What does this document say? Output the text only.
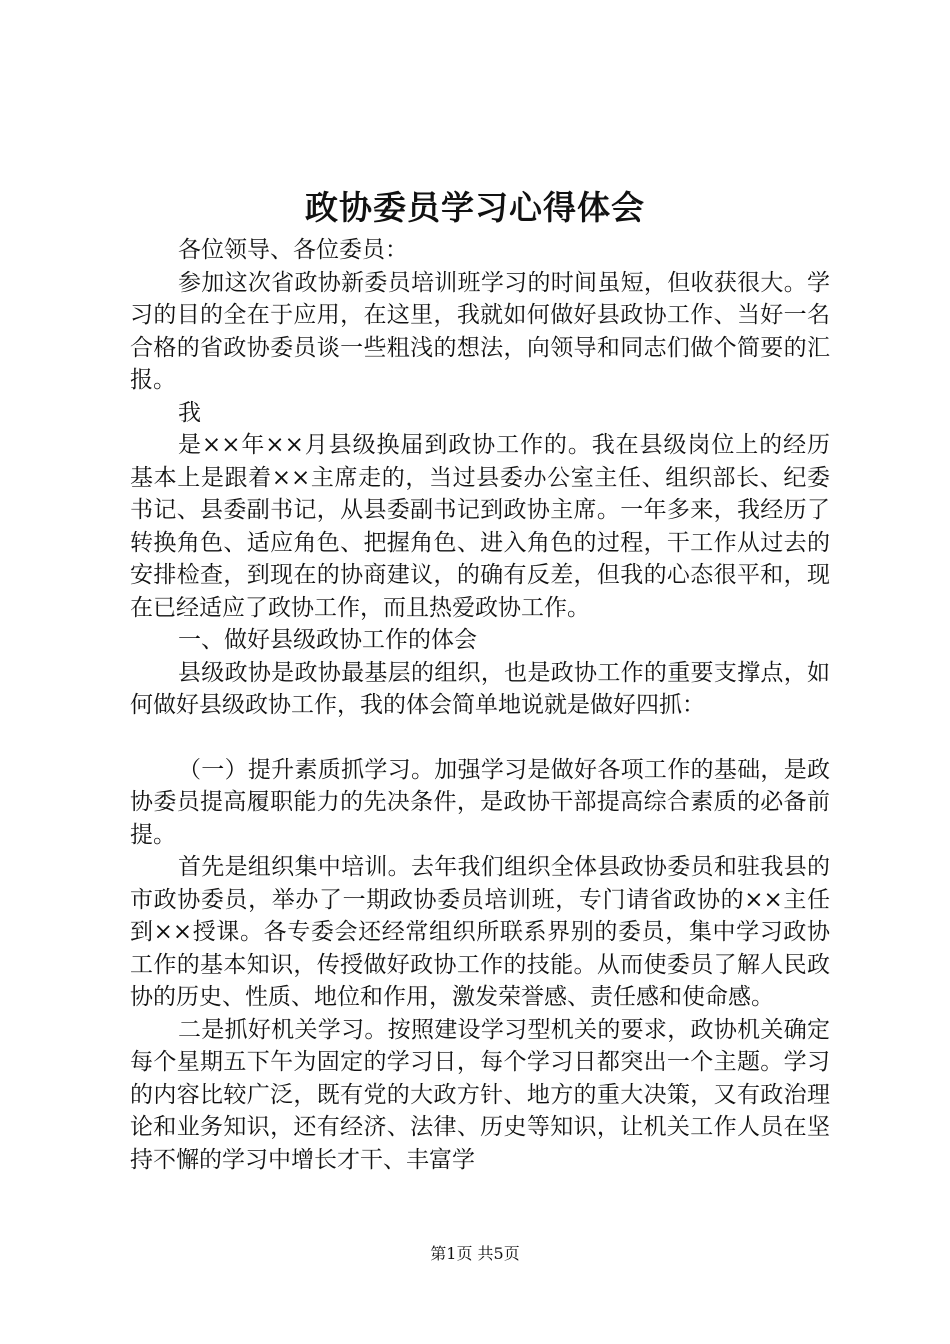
政协委员学习心得体会

各位领导、各位委员：

参加这次省政协新委员培训班学习的时间虽短，但收获很大。学习的目的全在于应用，在这里，我就如何做好县政协工作、当好一名合格的省政协委员谈一些粗浅的想法，向领导和同志们做个简要的汇报。

我

是××年××月县级换届到政协工作的。我在县级岗位上的经历基本上是跟着××主席走的，当过县委办公室主任、组织部长、纪委书记、县委副书记，从县委副书记到政协主席。一年多来，我经历了转换角色、适应角色、把握角色、进入角色的过程，干工作从过去的安排检查，到现在的协商建议，的确有反差，但我的心态很平和，现在已经适应了政协工作，而且热爱政协工作。

一、做好县级政协工作的体会

县级政协是政协最基层的组织，也是政协工作的重要支撑点，如何做好县级政协工作，我的体会简单地说就是做好四抓：

（一）提升素质抓学习。加强学习是做好各项工作的基础，是政协委员提高履职能力的先决条件，是政协干部提高综合素质的必备前提。

首先是组织集中培训。去年我们组织全体县政协委员和驻我县的市政协委员，举办了一期政协委员培训班，专门请省政协的××主任到××授课。各专委会还经常组织所联系界别的委员，集中学习政协工作的基本知识，传授做好政协工作的技能。从而使委员了解人民政协的历史、性质、地位和作用，激发荣誉感、责任感和使命感。

二是抓好机关学习。按照建设学习型机关的要求，政协机关确定每个星期五下午为固定的学习日，每个学习日都突出一个主题。学习的内容比较广泛，既有党的大政方针、地方的重大决策，又有政治理论和业务知识，还有经济、法律、历史等知识，让机关工作人员在坚持不懈的学习中增长才干、丰富学

第1页 共5页
